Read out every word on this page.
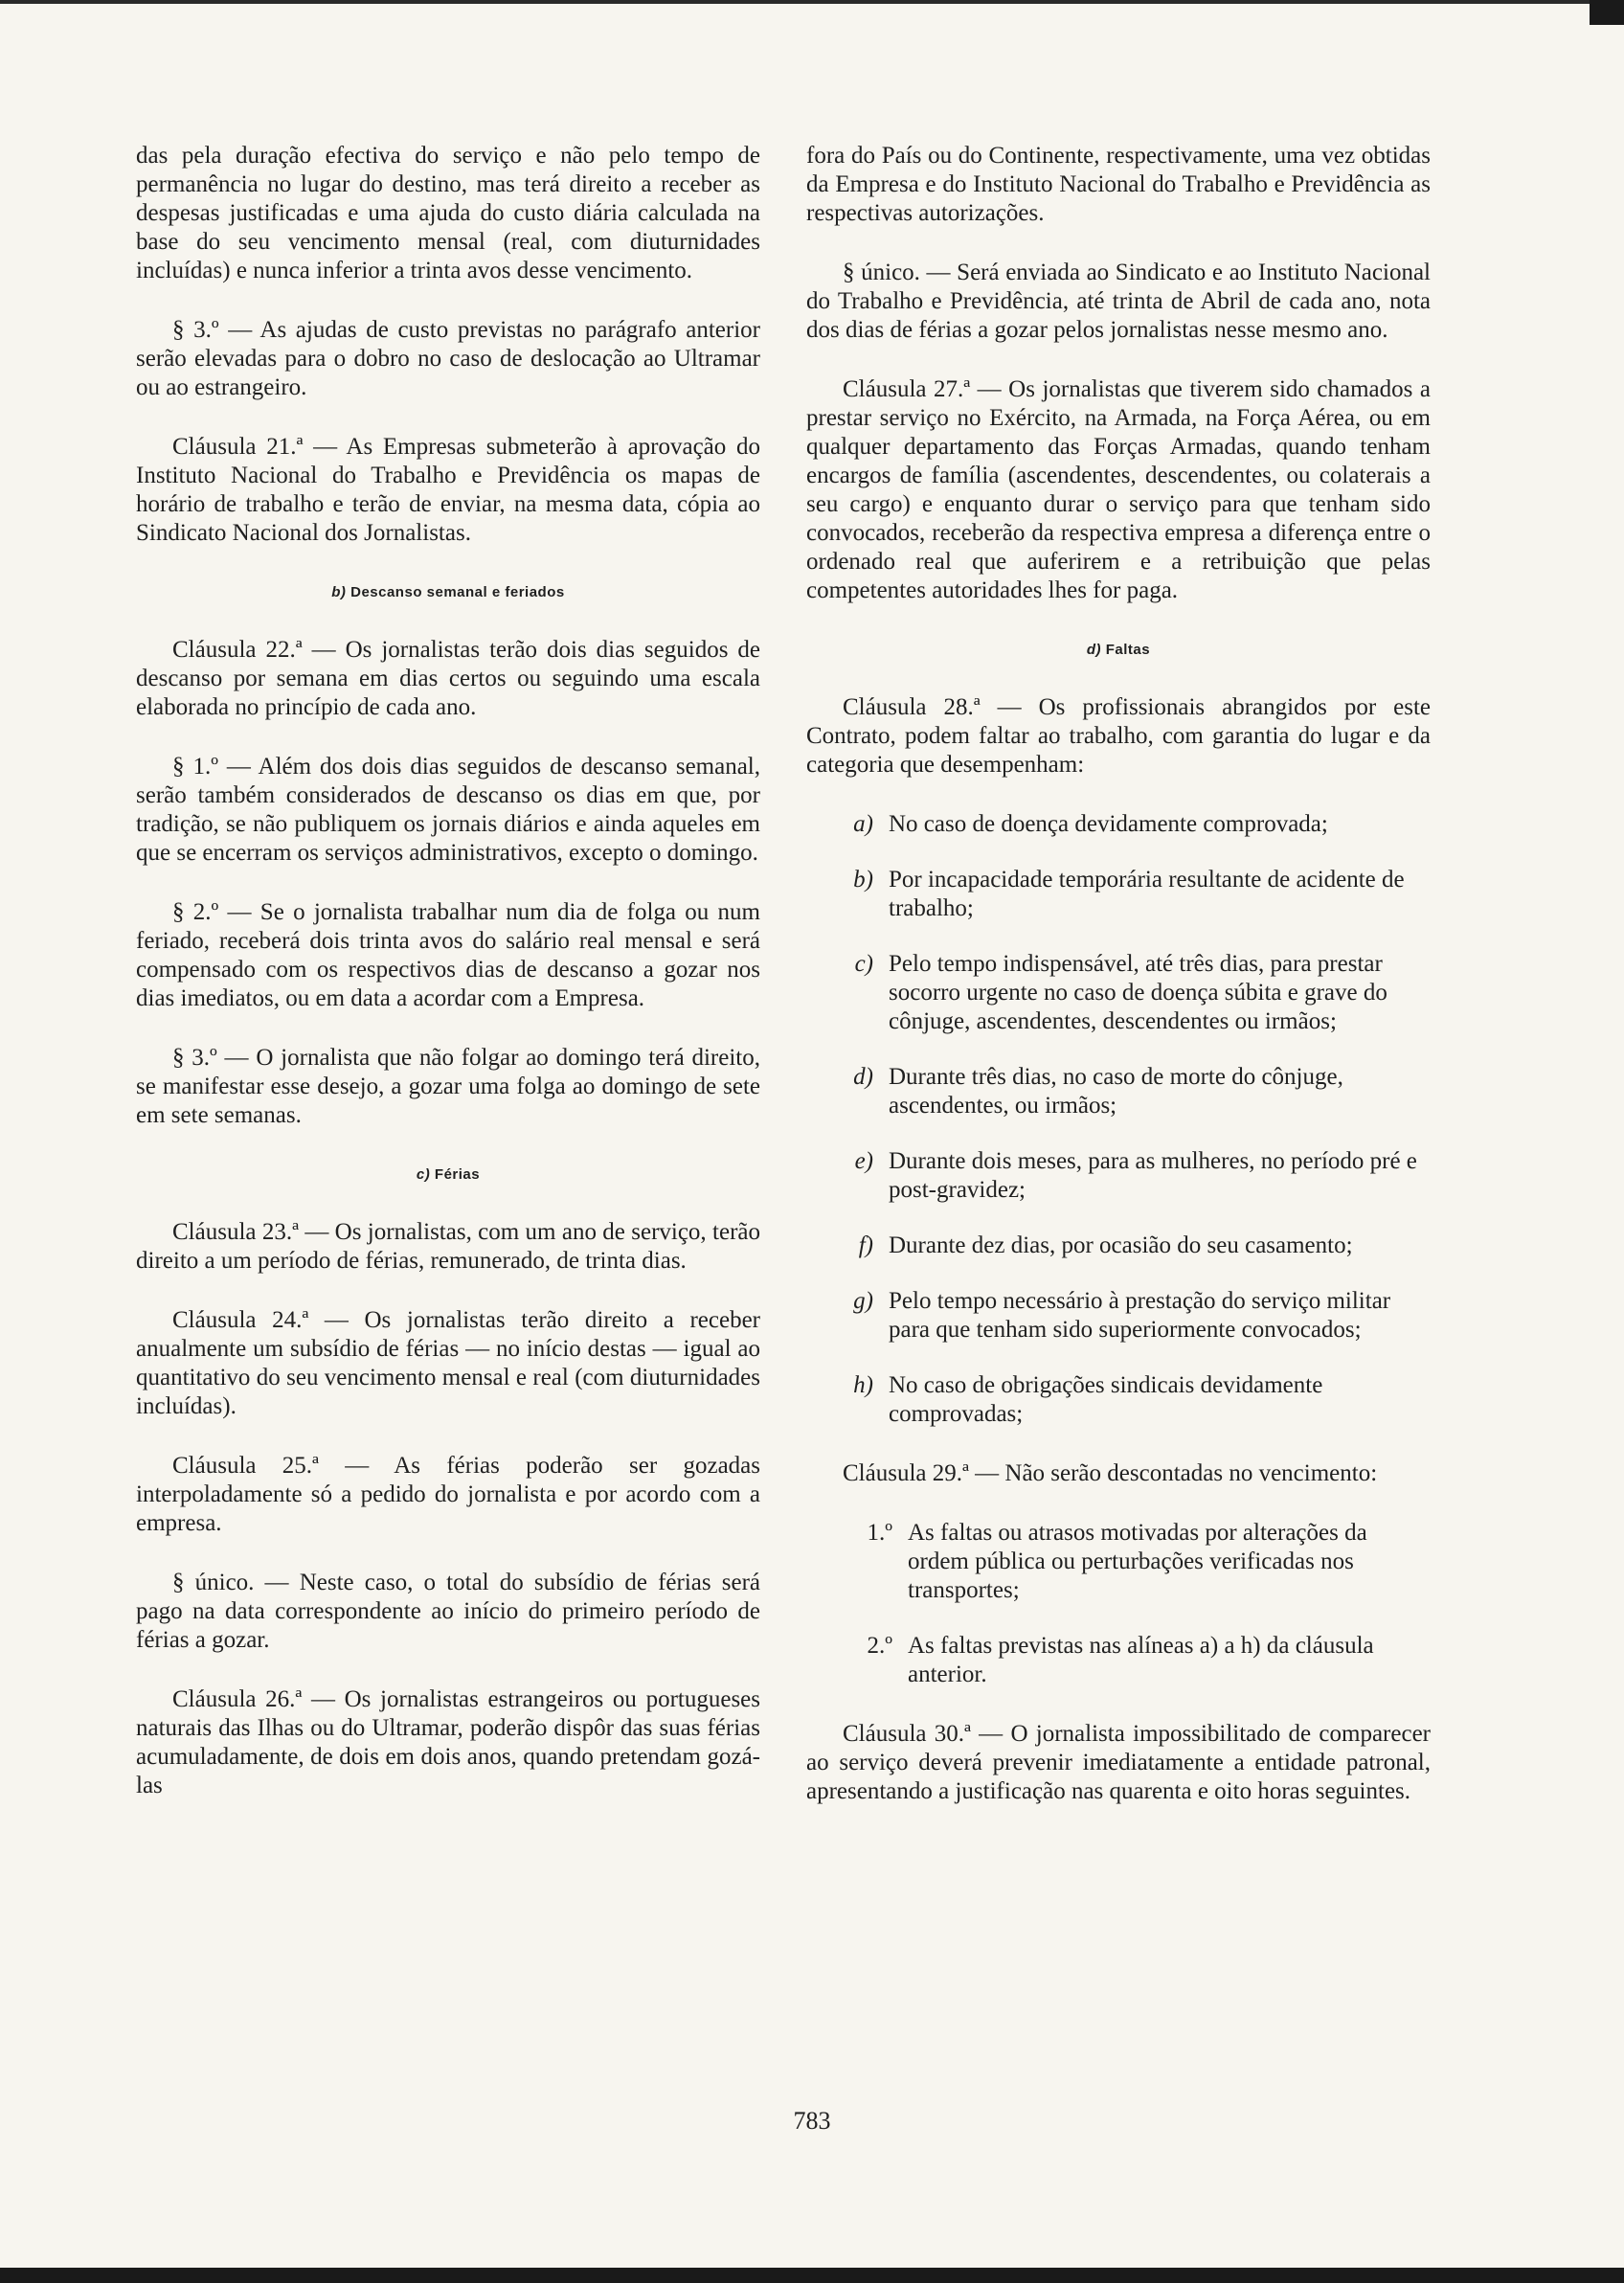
das pela duração efectiva do serviço e não pelo tempo de permanência no lugar do destino, mas terá direito a receber as despesas justificadas e uma ajuda do custo diária calculada na base do seu vencimento mensal (real, com diuturnidades incluídas) e nunca inferior a trinta avos desse vencimento.

§ 3.º — As ajudas de custo previstas no parágrafo anterior serão elevadas para o dobro no caso de deslocação ao Ultramar ou ao estrangeiro.

Cláusula 21.ª — As Empresas submeterão à aprovação do Instituto Nacional do Trabalho e Previdência os mapas de horário de trabalho e terão de enviar, na mesma data, cópia ao Sindicato Nacional dos Jornalistas.

b) Descanso semanal e feriados

Cláusula 22.ª — Os jornalistas terão dois dias seguidos de descanso por semana em dias certos ou seguindo uma escala elaborada no princípio de cada ano.

§ 1.º — Além dos dois dias seguidos de descanso semanal, serão também considerados de descanso os dias em que, por tradição, se não publiquem os jornais diários e ainda aqueles em que se encerram os serviços administrativos, excepto o domingo.

§ 2.º — Se o jornalista trabalhar num dia de folga ou num feriado, receberá dois trinta avos do salário real mensal e será compensado com os respectivos dias de descanso a gozar nos dias imediatos, ou em data a acordar com a Empresa.

§ 3.º — O jornalista que não folgar ao domingo terá direito, se manifestar esse desejo, a gozar uma folga ao domingo de sete em sete semanas.

c) Férias

Cláusula 23.ª — Os jornalistas, com um ano de serviço, terão direito a um período de férias, remunerado, de trinta dias.

Cláusula 24.ª — Os jornalistas terão direito a receber anualmente um subsídio de férias — no início destas — igual ao quantitativo do seu vencimento mensal e real (com diuturnidades incluídas).

Cláusula 25.ª — As férias poderão ser gozadas interpoladamente só a pedido do jornalista e por acordo com a empresa.

§ único. — Neste caso, o total do subsídio de férias será pago na data correspondente ao início do primeiro período de férias a gozar.

Cláusula 26.ª — Os jornalistas estrangeiros ou portugueses naturais das Ilhas ou do Ultramar, poderão dispôr das suas férias acumuladamente, de dois em dois anos, quando pretendam gozá-las

fora do País ou do Continente, respectivamente, uma vez obtidas da Empresa e do Instituto Nacional do Trabalho e Previdência as respectivas autorizações.

§ único. — Será enviada ao Sindicato e ao Instituto Nacional do Trabalho e Previdência, até trinta de Abril de cada ano, nota dos dias de férias a gozar pelos jornalistas nesse mesmo ano.

Cláusula 27.ª — Os jornalistas que tiverem sido chamados a prestar serviço no Exército, na Armada, na Força Aérea, ou em qualquer departamento das Forças Armadas, quando tenham encargos de família (ascendentes, descendentes, ou colaterais a seu cargo) e enquanto durar o serviço para que tenham sido convocados, receberão da respectiva empresa a diferença entre o ordenado real que auferirem e a retribuição que pelas competentes autoridades lhes for paga.

d) Faltas

Cláusula 28.ª — Os profissionais abrangidos por este Contrato, podem faltar ao trabalho, com garantia do lugar e da categoria que desempenham:

a) No caso de doença devidamente comprovada;
b) Por incapacidade temporária resultante de acidente de trabalho;
c) Pelo tempo indispensável, até três dias, para prestar socorro urgente no caso de doença súbita e grave do cônjuge, ascendentes, descendentes ou irmãos;
d) Durante três dias, no caso de morte do cônjuge, ascendentes, ou irmãos;
e) Durante dois meses, para as mulheres, no período pré e post-gravidez;
f) Durante dez dias, por ocasião do seu casamento;
g) Pelo tempo necessário à prestação do serviço militar para que tenham sido superiormente convocados;
h) No caso de obrigações sindicais devidamente comprovadas;

Cláusula 29.ª — Não serão descontadas no vencimento:

1.º As faltas ou atrasos motivadas por alterações da ordem pública ou perturbações verificadas nos transportes;
2.º As faltas previstas nas alíneas a) a h) da cláusula anterior.

Cláusula 30.ª — O jornalista impossibilitado de comparecer ao serviço deverá prevenir imediatamente a entidade patronal, apresentando a justificação nas quarenta e oito horas seguintes.

783
